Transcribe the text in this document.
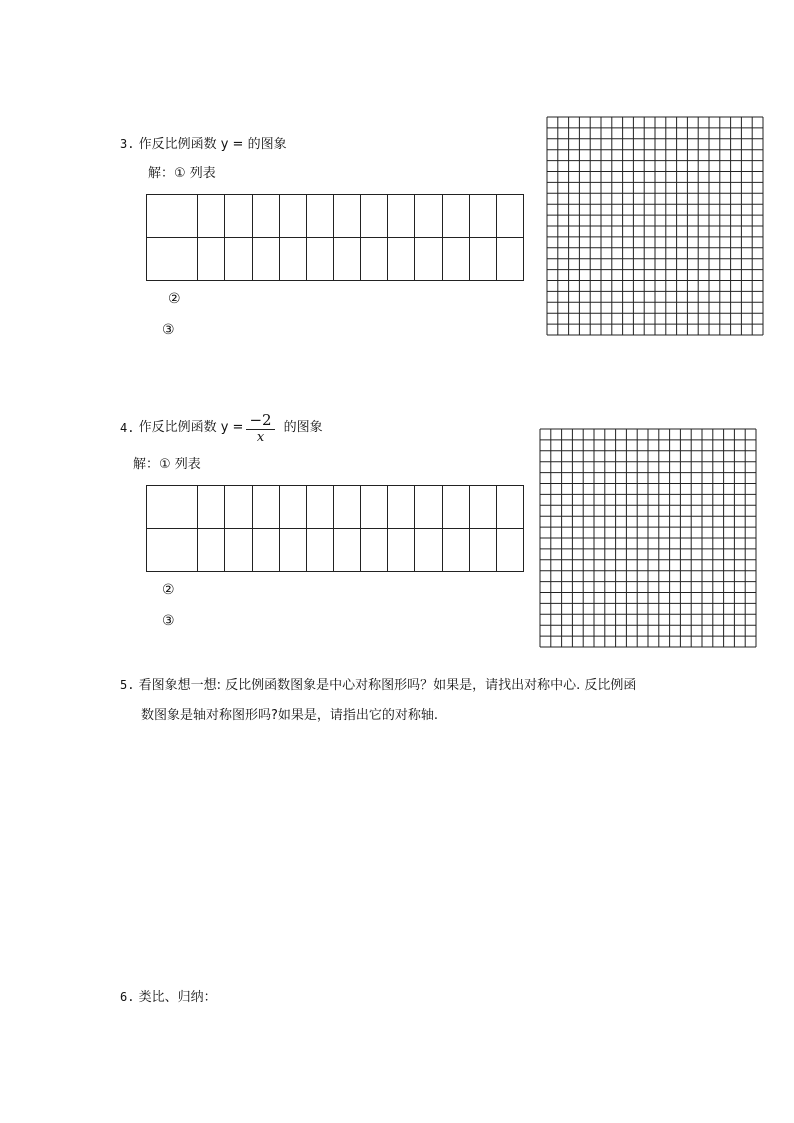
3. 作反比例函数 y = 的图象
解：① 列表

②
③
4.
作反比例函数 $y = \frac{-2}{x}$ 的图象
解：① 列表

②
③
5. 看图象想一想: 反比例函数图象是中心对称图形吗？如果是，请找出对称中心. 反比例函
数图象是轴对称图形吗?如果是，请指出它的对称轴.
6. 类比、归纳：
